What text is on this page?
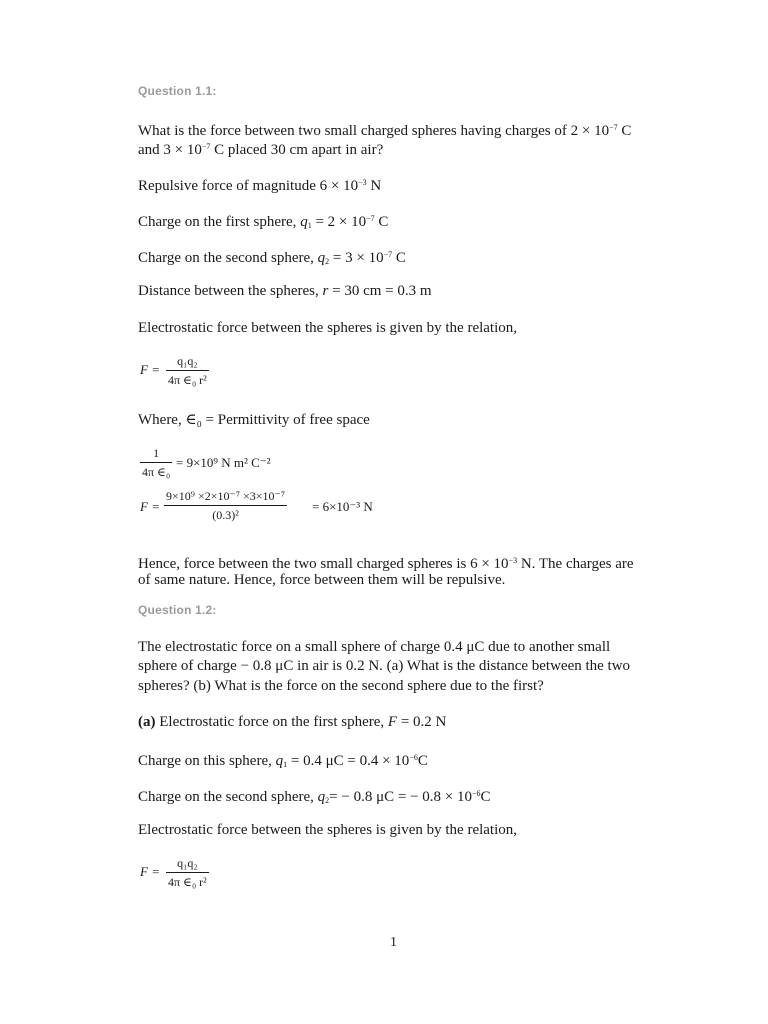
Question 1.1:

What is the force between two small charged spheres having charges of $2 \times 10^{-7}$ C

and $3 \times 10^{-7}$ C placed 30 cm apart in air?

Repulsive force of magnitude $6 \times 10^{-3}$ N

Charge on the first sphere, $q_1 = 2 \times 10^{-7}$ C

Charge on the second sphere, $q_2 = 3 \times 10^{-7}$ C

Distance between the spheres, r = 30 cm = 0.3 m

Electrostatic force between the spheres is given by the relation,

$F = \frac{\text{q₁q₂}}{\text{4π ∈₀ r²}}$

Where, ∈₀ = Permittivity of free space

$\frac{1}{\text{4π ∈₀}} = 9\times 10^9$ N m² C⁻²
$F = \frac{\text{9×10⁹ ×2×10⁻⁷ ×3×10⁻⁷}}{\text{(0.3)²}} = 6\times 10^{-3}$ N

Hence, force between the two small charged spheres is $6 \times 10^{-3}$ N. The charges are

of same nature. Hence, force between them will be repulsive.

Question 1.2:

The electrostatic force on a small sphere of charge 0.4 μC due to another small

sphere of charge − 0.8 μC in air is 0.2 N. (a) What is the distance between the two

spheres? (b) What is the force on the second sphere due to the first?

(a) Electrostatic force on the first sphere, F = 0.2 N

Charge on this sphere, $q_1 = 0.4$ $\mu C = 0.4 \times 10^{-6}C$

Charge on the second sphere, $q_2= - 0.8$ μC = − $0.8 \times 10^{-6}C$

Electrostatic force between the spheres is given by the relation,

$F = \frac{\text{q₁q₂}}{\text{4π ∈₀ r²}}$
1
